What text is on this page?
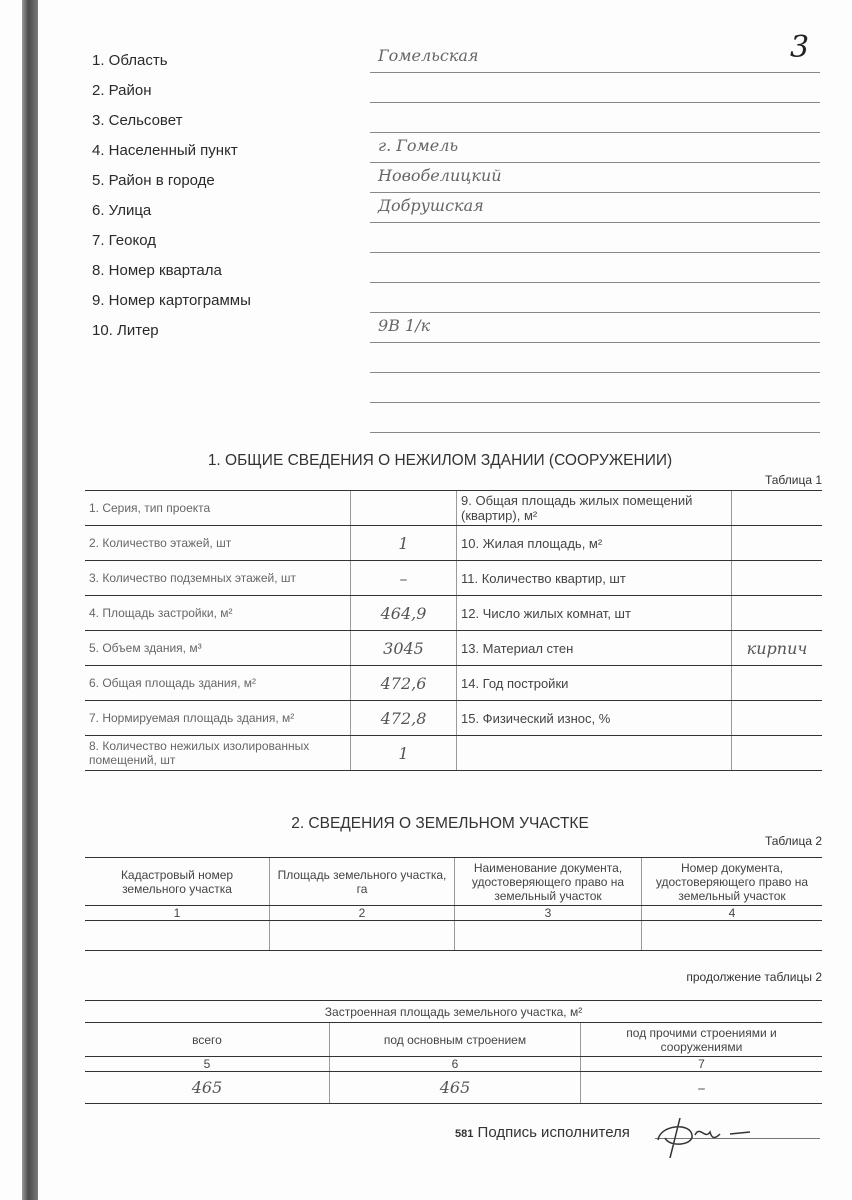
3
1. Область	Гомельская
2. Район
3. Сельсовет
4. Населенный пункт	г. Гомель
5. Район в городе	Новобелицкий
6. Улица	Добрушская
7. Геокод
8. Номер квартала
9. Номер картограммы
10. Литер	9В 1/к
1. ОБЩИЕ СВЕДЕНИЯ О НЕЖИЛОМ ЗДАНИИ (СООРУЖЕНИИ)
Таблица 1
1. Серия, тип проекта		9. Общая площадь жилых помещений (квартир), м²	
2. Количество этажей, шт	1	10. Жилая площадь, м²	
3. Количество подземных этажей, шт	–	11. Количество квартир, шт	
4. Площадь застройки, м²	464,9	12. Число жилых комнат, шт	
5. Объем здания, м³	3045	13. Материал стен	кирпич
6. Общая площадь здания, м²	472,6	14. Год постройки	
7. Нормируемая площадь здания, м²	472,8	15. Физический износ, %	
8. Количество нежилых изолированных помещений, шт	1		
2. СВЕДЕНИЯ О ЗЕМЕЛЬНОМ УЧАСТКЕ
Таблица 2
Кадастровый номер земельного участка	Площадь земельного участка, га	Наименование документа, удостоверяющего право на земельный участок	Номер документа, удостоверяющего право на земельный участок
1	2	3	4

продолжение таблицы 2
Застроенная площадь земельного участка, м²		
всего	под основным строением	под прочими строениями и сооружениями
5	6	7
465	465	–
581 Подпись исполнителя
